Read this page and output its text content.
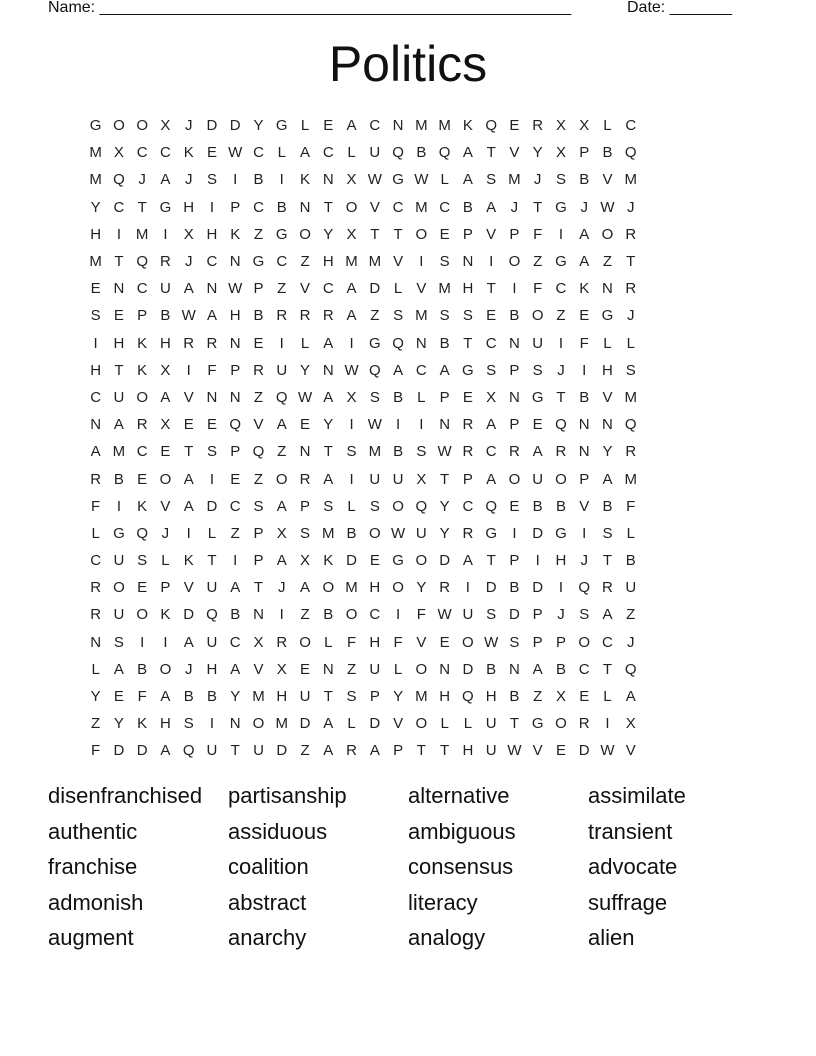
Name: _____________________________________________________	Date: _______
Politics
G O O X J D D Y G L E A C N M M K Q E R X X L C
M X C C K E W C L A C L U Q B Q A T V Y X P B Q
M Q J A J S	I	B	I	K N X W G W L A S M J S B V M
Y C T G H	I	P C B N T O V C M C B A J T G J W J
H	I M I	X H K Z G O Y X T T O E P V P F	I	A O R
M T Q R J C N G C Z H M M V	I	S N	I	O Z G A Z T
E N C U A N W P Z V C A D L V M H T	I	F C K N R
S E P B W A H B R R R A Z S M S S E B O Z E G J
I	H K H R R N E	I	L A	I	G Q N B T C N U	I	F L L
H T K X	I	F P R U Y N W Q A C A G S P S J	I	H S
C U O A V N N Z Q W A X S B L P E X N G T B V M
N A R X E E Q V A E Y	I W I	I	N R A P E Q N N Q
A M C E T S P Q Z N T S M B S W R C R A R N Y R
R B E O A	I	E Z O R A	I	U U X T P A O U O P A M
F	I	K V A D C S A P S L S O Q Y C Q E B B V B F
L G Q J	I	L Z P X S M B O W U Y R G	I	D G	I	S L
C U S L K T	I	P A X K D E G O D A T P	I	H J T B
R O E P V U A T J A O M H O Y R	I	D B D	I	Q R U
R U O K D Q B N	I	Z B O C	I	F W U S D P J S A Z
N S	I	I	A U C X R O L F H F V E O W S P P O C J
L A B O J H A V X E N Z U L O N D B N A B C T Q
Y E F A B B Y M H U T S P Y M H Q H B Z X E L A
Z Y K H S	I	N O M D A L D V O L L U T G O R	I	X
F D D A Q U T U D Z A R A P T T H U W V E D W V
disenfranchised	partisanship	alternative	assimilate
authentic	assiduous	ambiguous	transient
franchise	coalition	consensus	advocate
admonish	abstract	literacy	suffrage
augment	anarchy	analogy	alien
